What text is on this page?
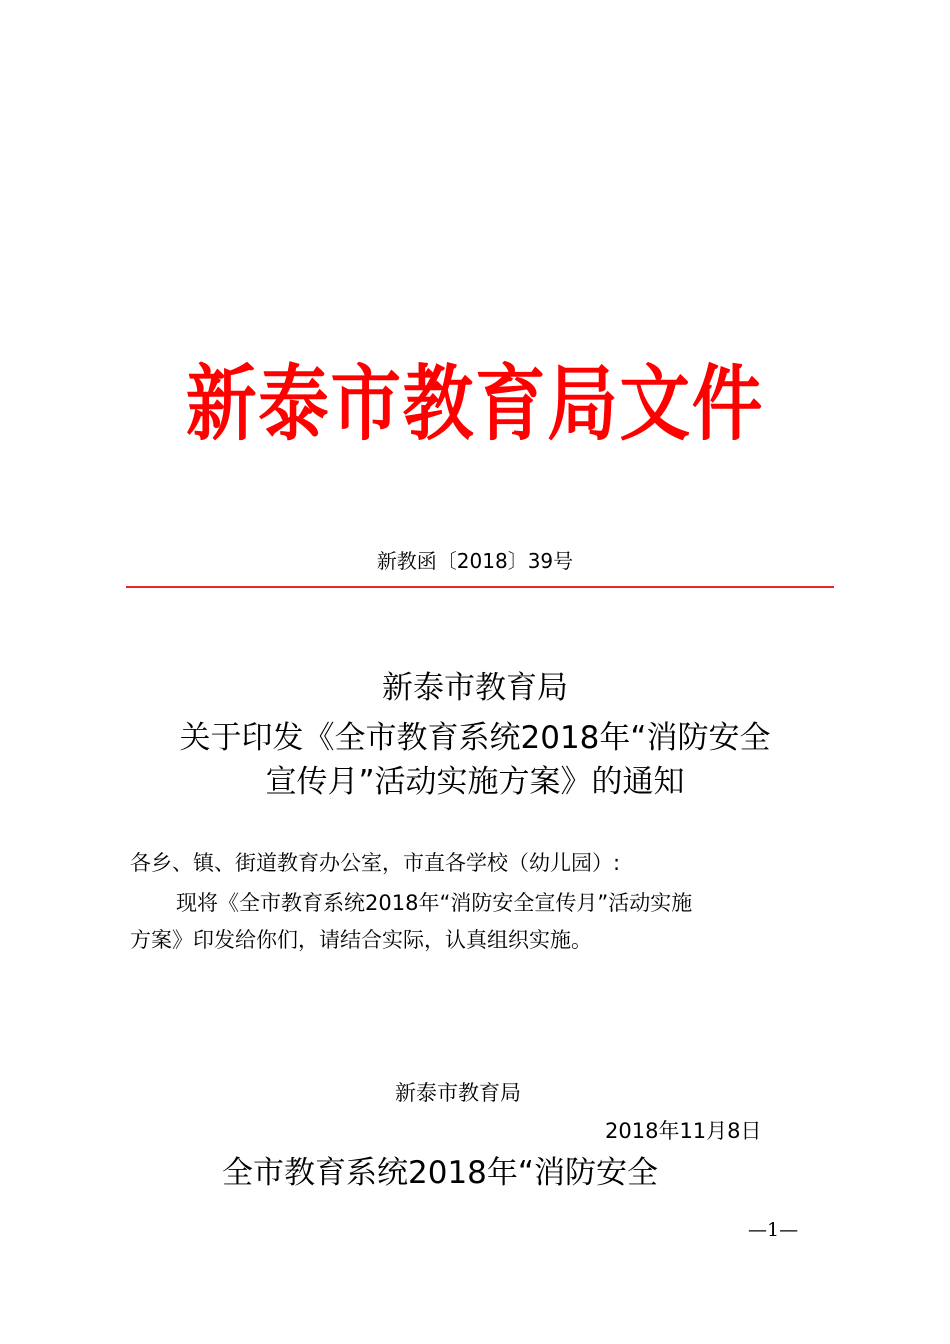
新泰市教育局文件
新教函〔2018〕39号
新泰市教育局
关于印发《全市教育系统2018年“消防安全
宣传月”活动实施方案》的通知
各乡、镇、街道教育办公室，市直各学校（幼儿园）:
现将《全市教育系统2018年“消防安全宣传月”活动实施
方案》印发给你们，请结合实际，认真组织实施。
新泰市教育局
2018年11月8日
全市教育系统2018年“消防安全
—1—
